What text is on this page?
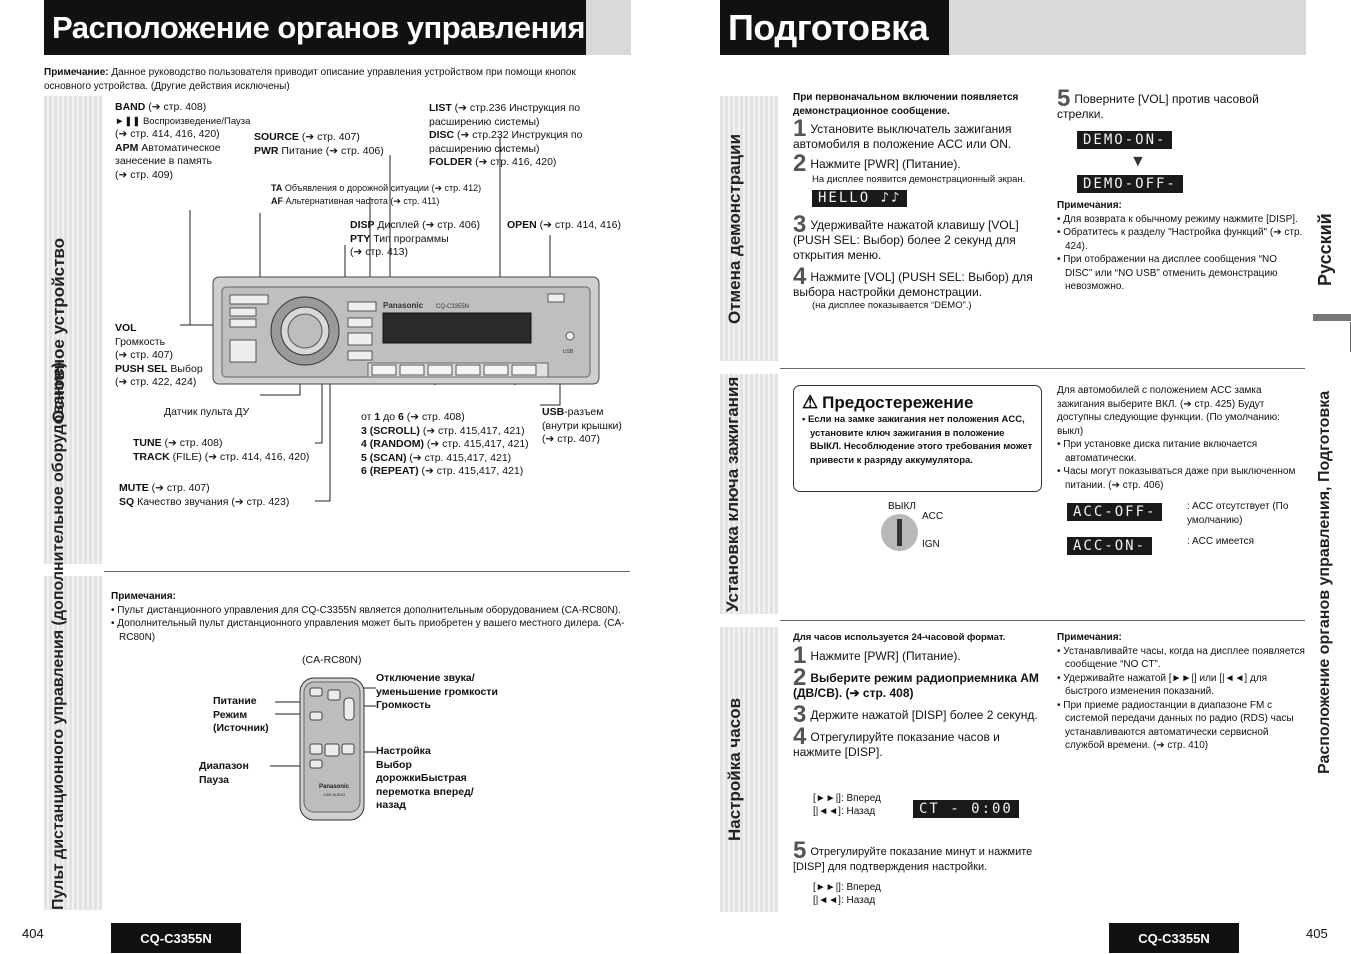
Расположение органов управления
Примечание: Данное руководство пользователя приводит описание управления устройством при помощи кнопок основного устройства. (Другие действия исключены)
Основное устройство
Пульт дистанционного управления (дополнительное оборудование)
BAND (➔ стр. 408)
►❚❚ Воспроизведение/Пауза
(➔ стр. 414, 416, 420)
APM Автоматическое занесение в память
(➔ стр. 409)
SOURCE (➔ стр. 407)
PWR Питание (➔ стр. 406)
LIST (➔ стр.236 Инструкция по расширению системы)
DISC (➔ стр.232 Инструкция по расширению системы)
FOLDER (➔ стр. 416, 420)
TA Объявления о дорожной ситуации (➔ стр. 412)
AF Альтернативная частота (➔ стр. 411)
DISP Дисплей (➔ стр. 406)
PTY Тип программы
(➔ стр. 413)
OPEN (➔ стр. 414, 416)
VOL
Громкость
(➔ стр. 407)
PUSH SEL Выбор
(➔ стр. 422, 424)
Датчик пульта ДУ
TUNE (➔ стр. 408)
TRACK (FILE) (➔ стр. 414, 416, 420)
MUTE (➔ стр. 407)
SQ Качество звучания (➔ стр. 423)
от 1 до 6 (➔ стр. 408)
3 (SCROLL) (➔ стр. 415,417, 421)
4 (RANDOM) (➔ стр. 415,417, 421)
5 (SCAN) (➔ стр. 415,417, 421)
6 (REPEAT) (➔ стр. 415,417, 421)
USB-разъем (внутри крышки) (➔ стр. 407)
Panasonic CQ-C3355N
USB
Примечания:
• Пульт дистанционного управления для CQ-C3355N является дополнительным оборудованием (CA-RC80N).
• Дополнительный пульт дистанционного управления может быть приобретен у вашего местного дилера. (CA-RC80N)
(CA-RC80N)
Питание
Режим
(Источник)
Диапазон
Пауза
Отключение звука/
уменьшение громкости
Громкость
Настройка
Выбор
дорожкиБыстрая
перемотка вперед/
назад
Panasonic
CAR AUDIO
404	CQ-C3355N
Подготовка
Отмена демонстрации
Установка ключа зажигания
Настройка часов
Русский
Расположение органов управления, Подготовка
При первоначальном включении появляется демонстрационное сообщение.
1 Установите выключатель зажигания автомобиля в положение ACC или ON.
2 Нажмите [PWR] (Питание).
На дисплее появится демонстрационный экран.
HELLO ♪♪
3 Удерживайте нажатой клавишу [VOL] (PUSH SEL: Выбор) более 2 секунд для открытия меню.
4 Нажмите [VOL] (PUSH SEL: Выбор) для выбора настройки демонстрации.
(на дисплее показывается “DEMO”.)
5 Поверните [VOL] против часовой стрелки.
DEMO-ON-
▼
DEMO-OFF-
Примечания:
• Для возврата к обычному режиму нажмите [DISP].
• Обратитесь к разделу "Настройка функций" (➔ стр. 424).
• При отображении на дисплее сообщения “NO DISC” или “NO USB” отменить демонстрацию невозможно.
⚠ Предостережение
• Если на замке зажигания нет положения ACC, установите ключ зажигания в положение ВЫКЛ. Несоблюдение этого требования может привести к разряду аккумулятора.
ВЫКЛ
ACC
IGN
Для автомобилей с положением ACC замка зажигания выберите ВКЛ. (➔ стр. 425) Будут доступны следующие функции. (По умолчанию: выкл)
• При установке диска питание включается автоматически.
• Часы могут показываться даже при выключенном питании. (➔ стр. 406)
ACC-OFF-	: ACC отсутствует (По умолчанию)
ACC-ON-	: ACC имеется
Для часов используется 24-часовой формат.
1 Нажмите [PWR] (Питание).
2 Выберите режим радиоприемника AM (ДВ/СВ). (➔ стр. 408)
3 Держите нажатой [DISP] более 2 секунд.
4 Отрегулируйте показание часов и нажмите [DISP].
[►►|]: Вперед
[|◄◄]: Назад	CT - 0:00
5 Отрегулируйте показание минут и нажмите [DISP] для подтверждения настройки.
[►►|]: Вперед
[|◄◄]: Назад
Примечания:
• Устанавливайте часы, когда на дисплее появляется сообщение “NO CT”.
• Удерживайте нажатой [►►|] или [|◄◄] для быстрого изменения показаний.
• При приеме радиостанции в диапазоне FM с системой передачи данных по радио (RDS) часы устанавливаются автоматически сервисной службой времени. (➔ стр. 410)
CQ-C3355N	405
